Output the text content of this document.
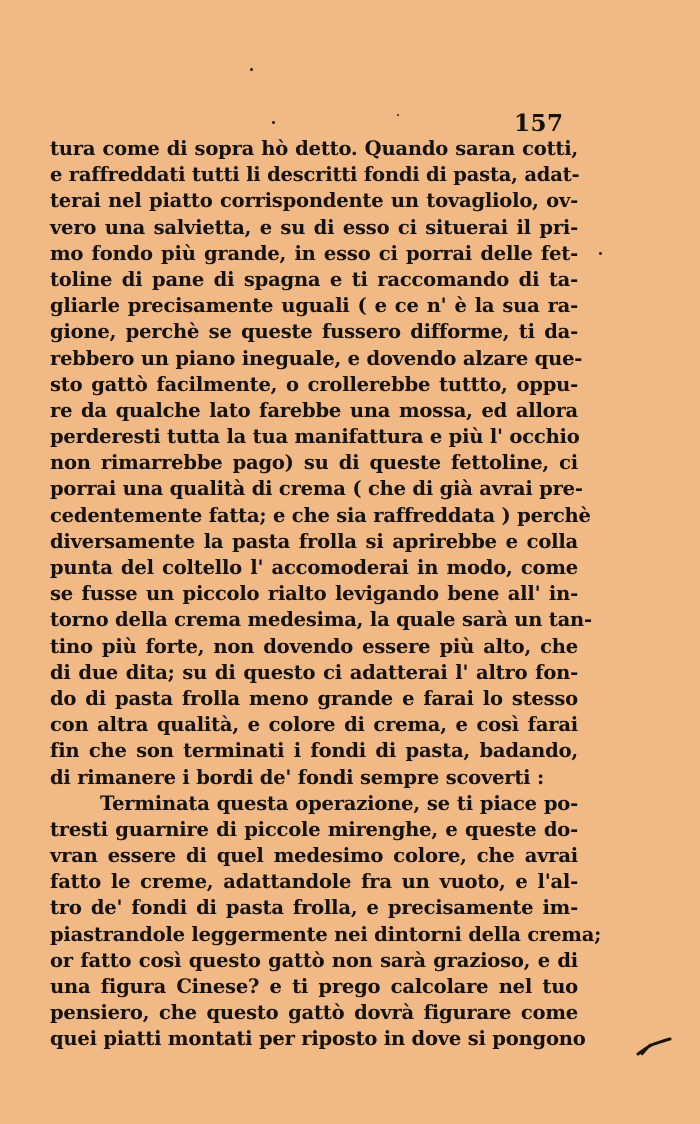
157
tura come di sopra hò detto. Quando saran cotti,
e raffreddati tutti li descritti fondi di pasta, adat-
terai nel piatto corrispondente un tovagliolo, ov-
vero una salvietta, e su di esso ci situerai il pri-
mo fondo più grande, in esso ci porrai delle fet-
toline di pane di spagna e ti raccomando di ta-
gliarle precisamente uguali ( e ce n' è la sua ra-
gione, perchè se queste fussero difforme, ti da-
rebbero un piano ineguale, e dovendo alzare que-
sto gattò facilmente, o crollerebbe tuttto, oppu-
re da qualche lato farebbe una mossa, ed allora
perderesti tutta la tua manifattura e più l' occhio
non rimarrebbe pago) su di queste fettoline, ci
porrai una qualità di crema ( che di già avrai pre-
cedentemente fatta; e che sia raffreddata ) perchè
diversamente la pasta frolla si aprirebbe e colla
punta del coltello l' accomoderai in modo, come
se fusse un piccolo rialto levigando bene all' in-
torno della crema medesima, la quale sarà un tan-
tino più forte, non dovendo essere più alto, che
di due dita; su di questo ci adatterai l' altro fon-
do di pasta frolla meno grande e farai lo stesso
con altra qualità, e colore di crema, e così farai
fin che son terminati i fondi di pasta, badando,
di rimanere i bordi de' fondi sempre scoverti :
Terminata questa operazione, se ti piace po-
tresti guarnire di piccole mirenghe, e queste do-
vran essere di quel medesimo colore, che avrai
fatto le creme, adattandole fra un vuoto, e l'al-
tro de' fondi di pasta frolla, e precisamente im-
piastrandole leggermente nei dintorni della crema;
or fatto così questo gattò non sarà grazioso, e di
una figura Cinese? e ti prego calcolare nel tuo
pensiero, che questo gattò dovrà figurare come
quei piatti montati per riposto in dove si pongono
